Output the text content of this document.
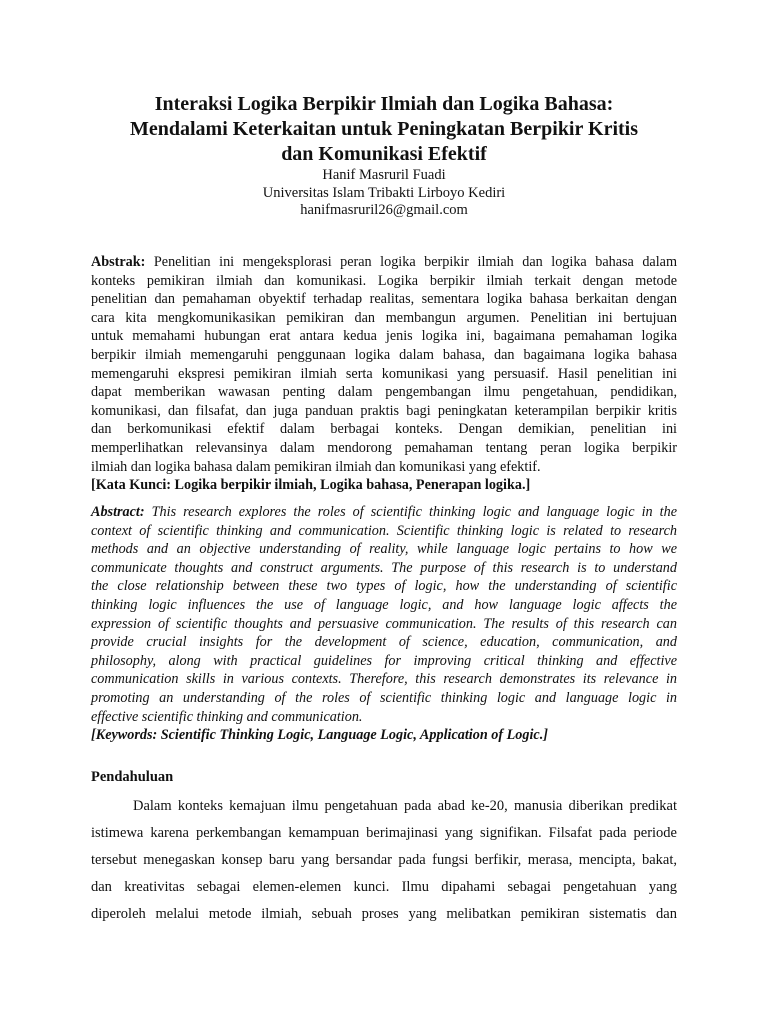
Interaksi Logika Berpikir Ilmiah dan Logika Bahasa:
Mendalami Keterkaitan untuk Peningkatan Berpikir Kritis
dan Komunikasi Efektif
Hanif Masruril Fuadi
Universitas Islam Tribakti Lirboyo Kediri
hanifmasruril26@gmail.com
Abstrak: Penelitian ini mengeksplorasi peran logika berpikir ilmiah dan logika bahasa dalam
konteks pemikiran ilmiah dan komunikasi. Logika berpikir ilmiah terkait dengan metode
penelitian dan pemahaman obyektif terhadap realitas, sementara logika bahasa berkaitan dengan
cara kita mengkomunikasikan pemikiran dan membangun argumen. Penelitian ini bertujuan
untuk memahami hubungan erat antara kedua jenis logika ini, bagaimana pemahaman logika
berpikir ilmiah memengaruhi penggunaan logika dalam bahasa, dan bagaimana logika bahasa
memengaruhi ekspresi pemikiran ilmiah serta komunikasi yang persuasif. Hasil penelitian ini
dapat memberikan wawasan penting dalam pengembangan ilmu pengetahuan, pendidikan,
komunikasi, dan filsafat, dan juga panduan praktis bagi peningkatan keterampilan berpikir kritis
dan berkomunikasi efektif dalam berbagai konteks. Dengan demikian, penelitian ini
memperlihatkan relevansinya dalam mendorong pemahaman tentang peran logika berpikir
ilmiah dan logika bahasa dalam pemikiran ilmiah dan komunikasi yang efektif.
[Kata Kunci: Logika berpikir ilmiah, Logika bahasa, Penerapan logika.]
Abstract: This research explores the roles of scientific thinking logic and language logic in the
context of scientific thinking and communication. Scientific thinking logic is related to research
methods and an objective understanding of reality, while language logic pertains to how we
communicate thoughts and construct arguments. The purpose of this research is to understand
the close relationship between these two types of logic, how the understanding of scientific
thinking logic influences the use of language logic, and how language logic affects the
expression of scientific thoughts and persuasive communication. The results of this research can
provide crucial insights for the development of science, education, communication, and
philosophy, along with practical guidelines for improving critical thinking and effective
communication skills in various contexts. Therefore, this research demonstrates its relevance in
promoting an understanding of the roles of scientific thinking logic and language logic in
effective scientific thinking and communication.
[Keywords: Scientific Thinking Logic, Language Logic, Application of Logic.]
Pendahuluan
Dalam konteks kemajuan ilmu pengetahuan pada abad ke-20, manusia diberikan predikat
istimewa karena perkembangan kemampuan berimajinasi yang signifikan. Filsafat pada periode
tersebut menegaskan konsep baru yang bersandar pada fungsi berfikir, merasa, mencipta, bakat,
dan kreativitas sebagai elemen-elemen kunci. Ilmu dipahami sebagai pengetahuan yang
diperoleh melalui metode ilmiah, sebuah proses yang melibatkan pemikiran sistematis dan
